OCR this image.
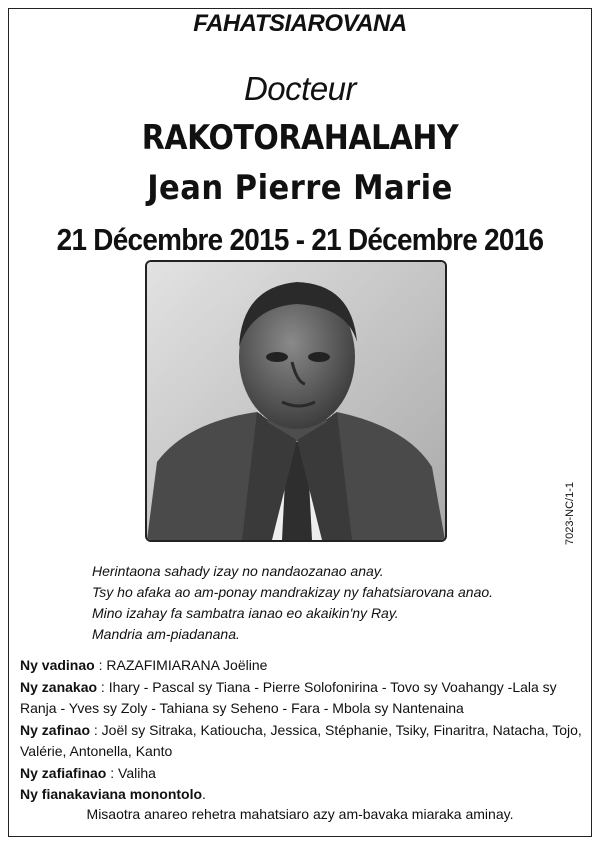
FAHATSIAROVANA
Docteur
RAKOTORAHALAHY
Jean Pierre Marie
21 Décembre 2015 - 21 Décembre 2016
7023-NC/1-1
Herintaona sahady izay no nandaozanao anay.
Tsy ho afaka ao am-ponay mandrakizay ny fahatsiarovana anao.
Mino izahay fa sambatra ianao eo akaikin'ny Ray.
Mandria am-piadanana.

Ny vadinao : RAZAFIMIARANA Joëline

Ny zanakao : Ihary - Pascal sy Tiana - Pierre Solofonirina - Tovo sy Voahangy -Lala sy Ranja - Yves sy Zoly - Tahiana sy Seheno - Fara - Mbola sy Nantenaina

Ny zafinao : Joël sy Sitraka, Katioucha, Jessica, Stéphanie, Tsiky, Finaritra, Natacha, Tojo, Valérie, Antonella, Kanto

Ny zafiafinao : Valiha

Ny fianakaviana monontolo.

Misaotra anareo rehetra mahatsiaro azy am-bavaka miaraka aminay.
